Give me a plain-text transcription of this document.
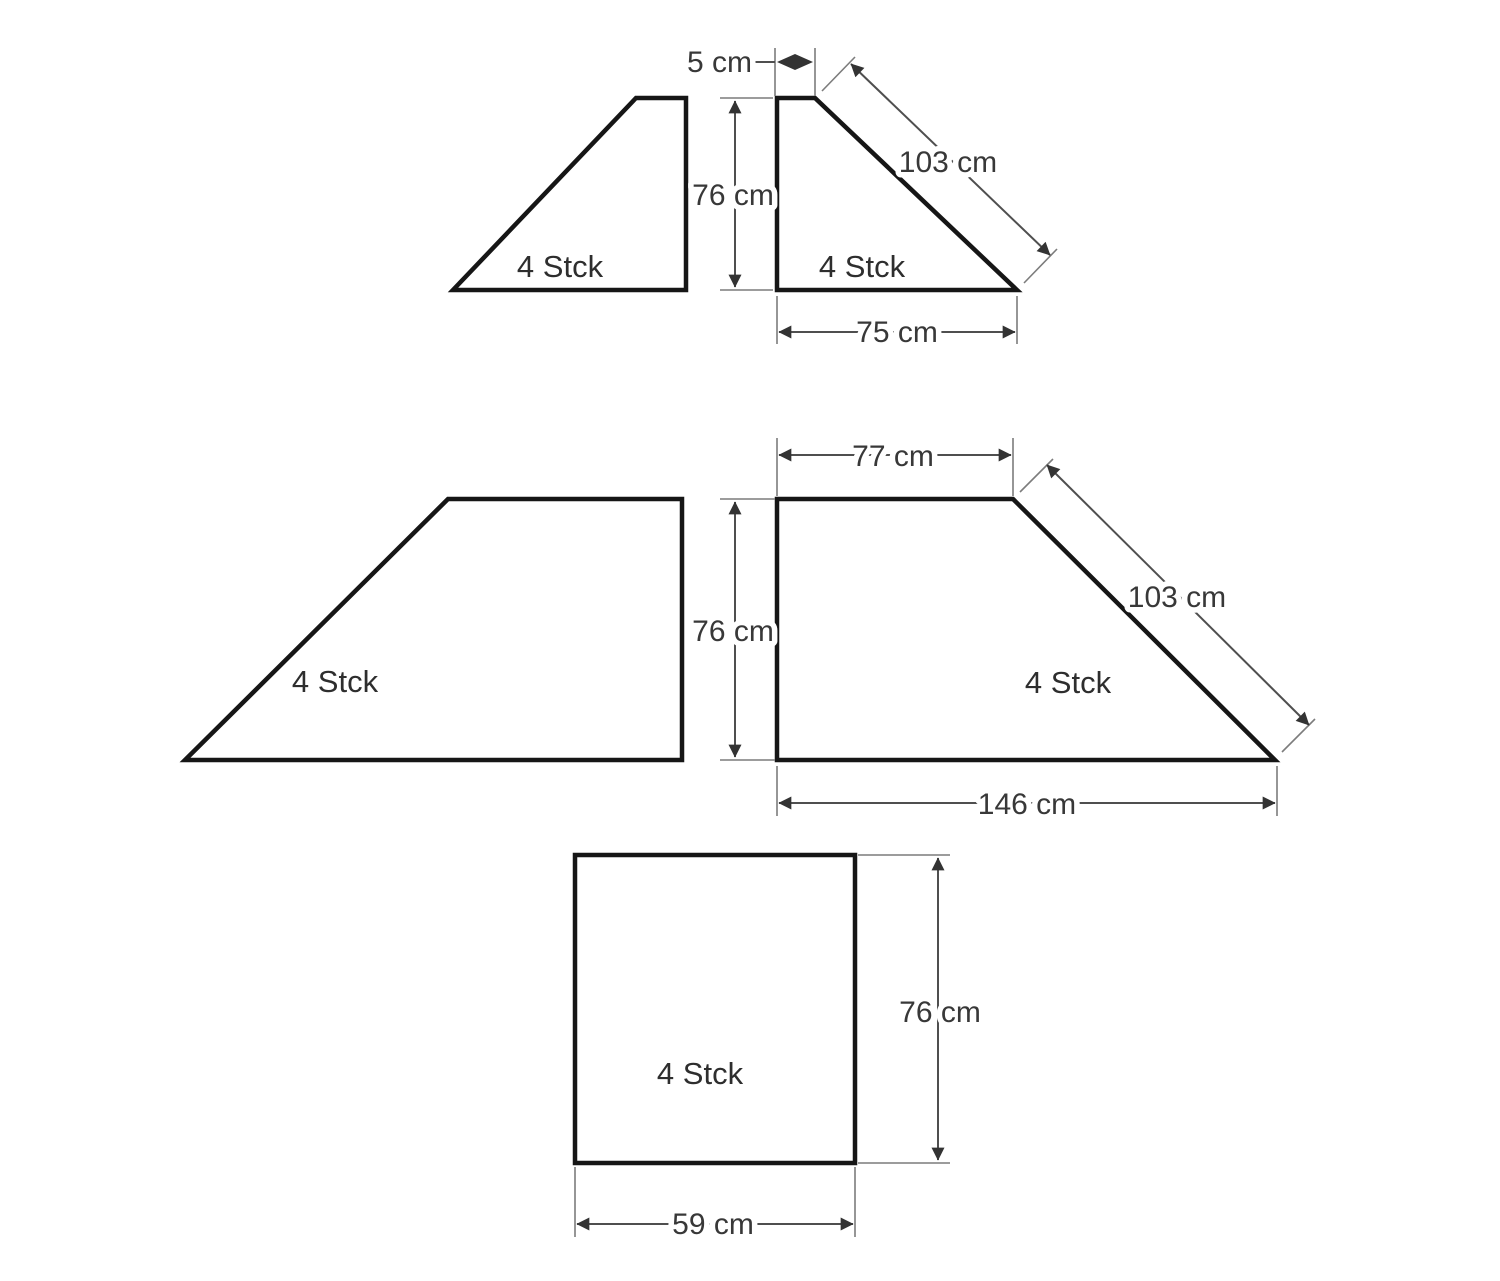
4 Stck	4 Stck
4 Stck	4 Stck
4 Stck
5 cm
76 cm
103 cm
75 cm
77 cm
76 cm
103 cm
146 cm
76 cm
59 cm
